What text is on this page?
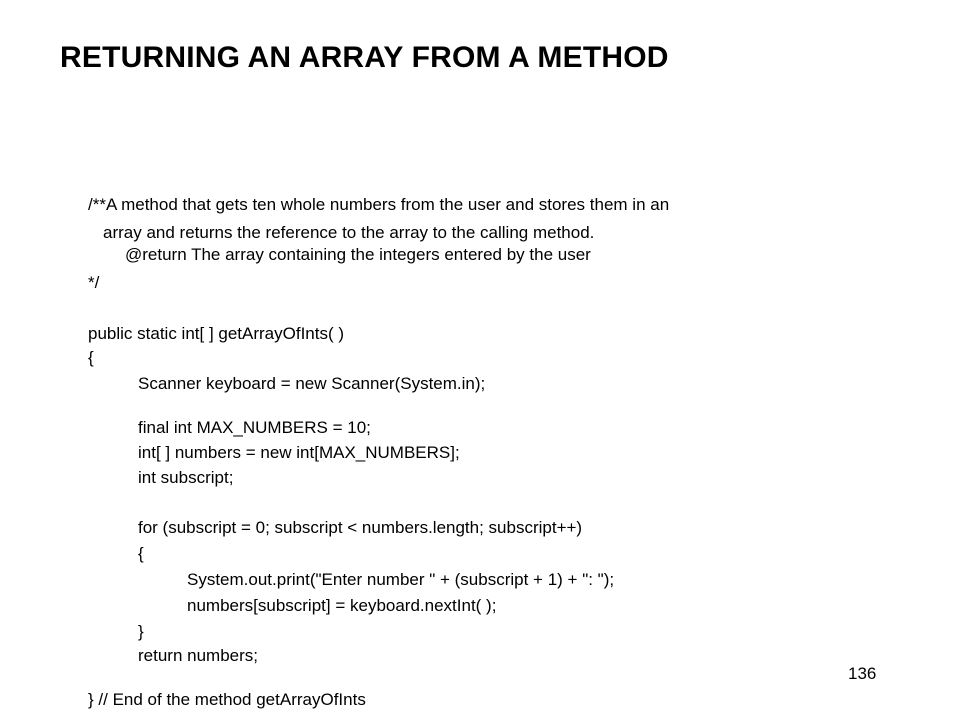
RETURNING AN ARRAY FROM A METHOD
/**A method that gets ten whole numbers from the user and stores them in an
array and returns the reference to the array to the calling method.
@return The array containing the integers entered by the user
*/
public static int[ ] getArrayOfInts( )
{
Scanner keyboard = new Scanner(System.in);
final int MAX_NUMBERS = 10;
int[ ] numbers = new int[MAX_NUMBERS];
int subscript;
for (subscript = 0; subscript < numbers.length; subscript++)
{
System.out.print("Enter number " + (subscript + 1) + ": ");
numbers[subscript] = keyboard.nextInt( );
}
return numbers;
} // End of the method getArrayOfInts
136
